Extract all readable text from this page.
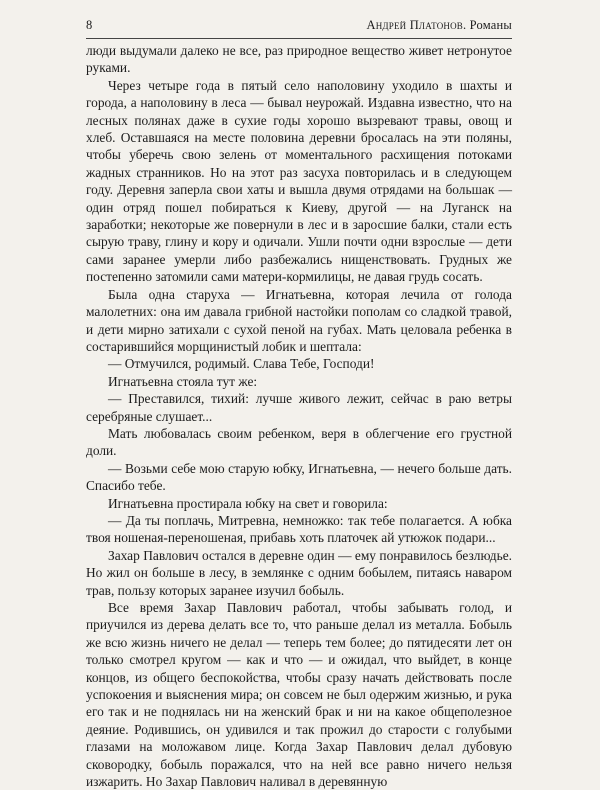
8	Андрей Платонов. Романы

люди выдумали далеко не все, раз природное вещество живет нетронутое руками.

Через четыре года в пятый село наполовину уходило в шахты и города, а наполовину в леса — бывал неурожай. Издавна известно, что на лесных полянах даже в сухие годы хорошо вызревают травы, овощ и хлеб. Оставшаяся на месте половина деревни бросалась на эти поляны, чтобы уберечь свою зелень от моментального расхищения потоками жадных странников. Но на этот раз засуха повторилась и в следующем году. Деревня заперла свои хаты и вышла двумя отрядами на большак — один отряд пошел побираться к Киеву, другой — на Луганск на заработки; некоторые же повернули в лес и в заросшие балки, стали есть сырую траву, глину и кору и одичали. Ушли почти одни взрослые — дети сами заранее умерли либо разбежались нищенствовать. Грудных же постепенно затомили сами матери-кормилицы, не давая грудь сосать.

Была одна старуха — Игнатьевна, которая лечила от голода малолетних: она им давала грибной настойки пополам со сладкой травой, и дети мирно затихали с сухой пеной на губах. Мать целовала ребенка в состарившийся морщинистый лобик и шептала:

— Отмучился, родимый. Слава Тебе, Господи!

Игнатьевна стояла тут же:

— Преставился, тихий: лучше живого лежит, сейчас в раю ветры серебряные слушает...

Мать любовалась своим ребенком, веря в облегчение его грустной доли.

— Возьми себе мою старую юбку, Игнатьевна, — нечего больше дать. Спасибо тебе.

Игнатьевна простирала юбку на свет и говорила:

— Да ты поплачь, Митревна, немножко: так тебе полагается. А юбка твоя ношеная-переношеная, прибавь хоть платочек ай утюжок подари...

Захар Павлович остался в деревне один — ему понравилось безлюдье. Но жил он больше в лесу, в землянке с одним бобылем, питаясь наваром трав, пользу которых заранее изучил бобыль.

Все время Захар Павлович работал, чтобы забывать голод, и приучился из дерева делать все то, что раньше делал из металла. Бобыль же всю жизнь ничего не делал — теперь тем более; до пятидесяти лет он только смотрел кругом — как и что — и ожидал, что выйдет, в конце концов, из общего беспокойства, чтобы сразу начать действовать после успокоения и выяснения мира; он совсем не был одержим жизнью, и рука его так и не поднялась ни на женский брак и ни на какое общеполезное деяние. Родившись, он удивился и так прожил до старости с голубыми глазами на моложавом лице. Когда Захар Павлович делал дубовую сковородку, бобыль поражался, что на ней все равно ничего нельзя изжарить. Но Захар Павлович наливал в деревянную
